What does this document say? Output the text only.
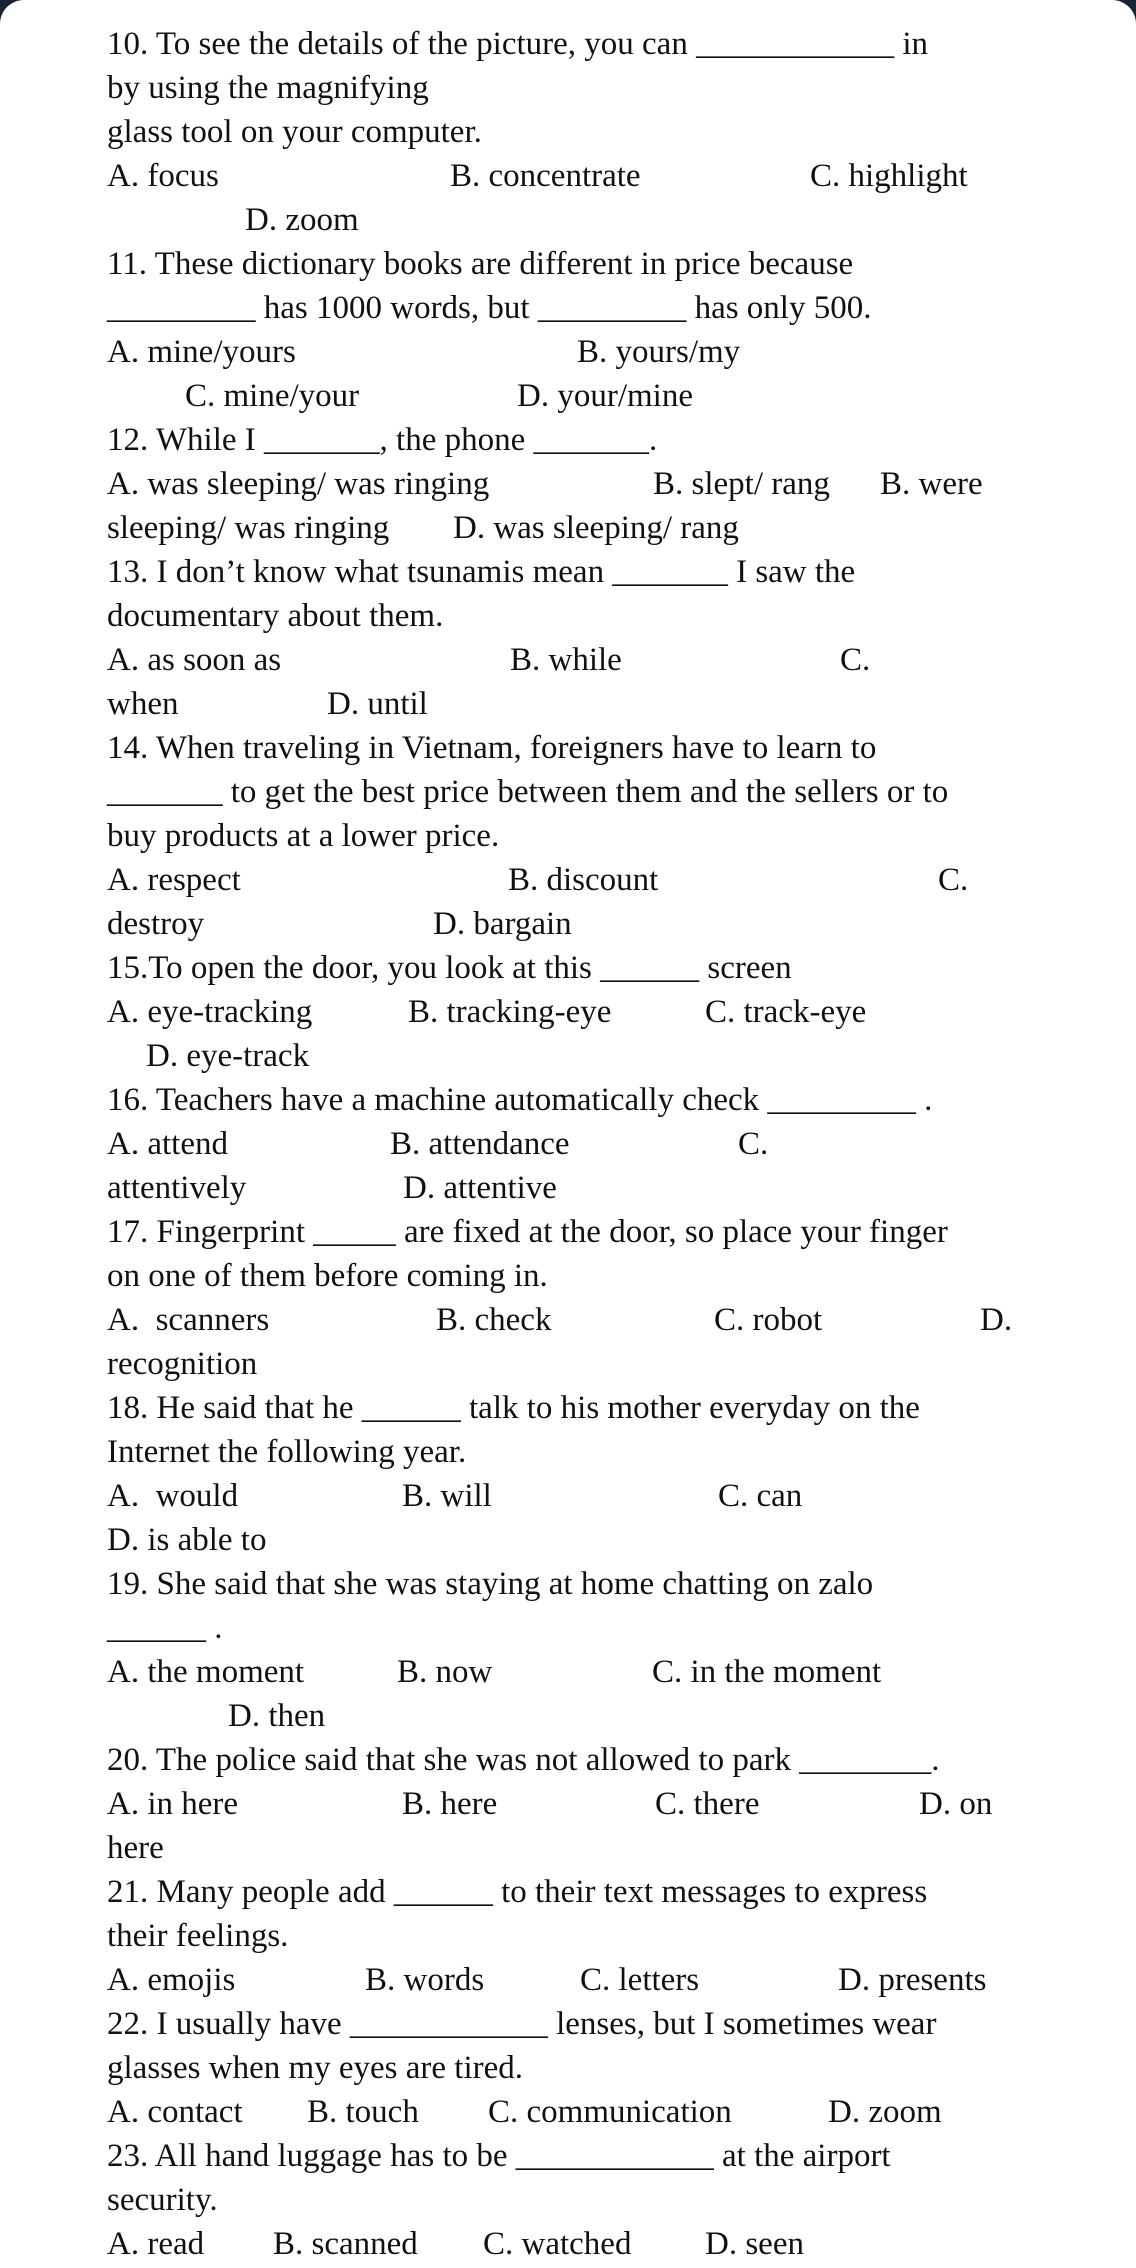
10. To see the details of the picture, you can ____________ in
by using the magnifying
glass tool on your computer.

A. focus

	B. concentrate

	C. highlight

D. zoom

11. These dictionary books are different in price because
_________ has 1000 words, but _________ has only 500.

A. mine/yours

	B. yours/my

C. mine/your

	D. your/mine

12. While I _______, the phone _______.

A. was sleeping/ was ringing

	B. slept/ rang

B. were

sleeping/ was ringing

D. was sleeping/ rang

13. I don’t know what tsunamis mean _______ I saw the
documentary about them.

A. as soon as

	B. while

	C.

when

	D. until

14. When traveling in Vietnam, foreigners have to learn to
_______ to get the best price between them and the sellers or to
buy products at a lower price.

A. respect

	B. discount

	C.

destroy

	D. bargain

15.To open the door, you look at this ______ screen

A. eye-tracking

	B. tracking-eye

	C. track-eye

D. eye-track

16. Teachers have a machine automatically check _________ .

A. attend

	B. attendance

	C.

attentively

	D. attentive

17. Fingerprint _____ are fixed at the door, so place your finger
on one of them before coming in.

A.  scanners

	B. check

	C. robot

	D.

recognition

18. He said that he ______ talk to his mother everyday on the
Internet the following year.

A.  would

	B. will

	C. can

D. is able to

19. She said that she was staying at home chatting on zalo
______ .

A. the moment

	B. now

	C. in the moment

D. then

20. The police said that she was not allowed to park ________.

A. in here

	B. here

	C. there

	D. on

here

21. Many people add ______ to their text messages to express
their feelings.

A. emojis

	B. words

	C. letters

	D. presents

22. I usually have ____________ lenses, but I sometimes wear
glasses when my eyes are tired.

A. contact

B. touch

C. communication

	D. zoom

23. All hand luggage has to be ____________ at the airport
security.

A. read

B. scanned

C. watched

D. seen
